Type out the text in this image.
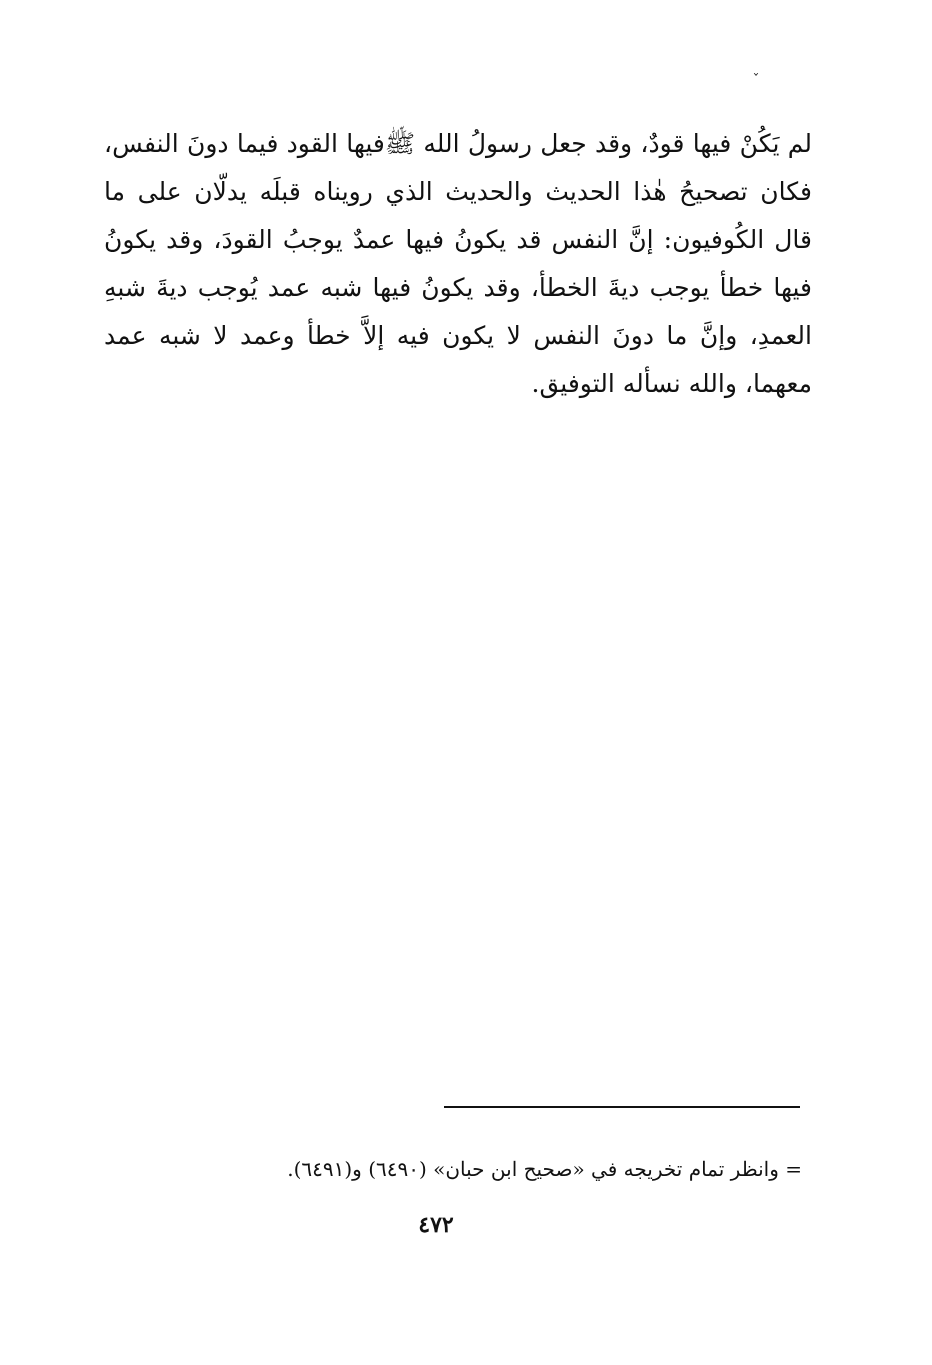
ˇ
لم يَكُنْ فيها قودٌ، وقد جعل رسولُ الله ﷺفيها القود فيما دونَ النفس،
فكان تصحيحُ هٰذا الحديث والحديث الذي رويناه قبلَه يدلّان على ما
قال الكُوفيون: إنَّ النفس قد يكونُ فيها عمدٌ يوجبُ القودَ، وقد يكونُ
فيها خطأ يوجب ديةَ الخطأ، وقد يكونُ فيها شبه عمد يُوجب ديةَ شبهِ
العمدِ، وإنَّ ما دونَ النفس لا يكون فيه إلاَّ خطأ وعمد لا شبه عمد
معهما، والله نسأله التوفيق.
= وانظر تمام تخريجه في «صحيح ابن حبان» (٦٤٩٠) و(٦٤٩١).
٤٧٢
